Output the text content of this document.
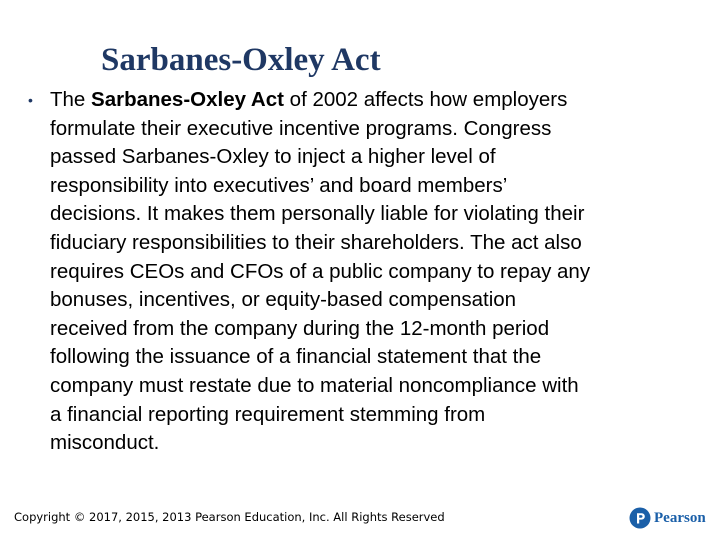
Sarbanes-Oxley Act
• The Sarbanes-Oxley Act of 2002 affects how employers
formulate their executive incentive programs. Congress
passed Sarbanes-Oxley to inject a higher level of
responsibility into executives’ and board members’
decisions. It makes them personally liable for violating their
fiduciary responsibilities to their shareholders. The act also
requires CEOs and CFOs of a public company to repay any
bonuses, incentives, or equity-based compensation
received from the company during the 12-month period
following the issuance of a financial statement that the
company must restate due to material noncompliance with
a financial reporting requirement stemming from
misconduct.
Copyright © 2017, 2015, 2013 Pearson Education, Inc. All Rights Reserved	Pearson
